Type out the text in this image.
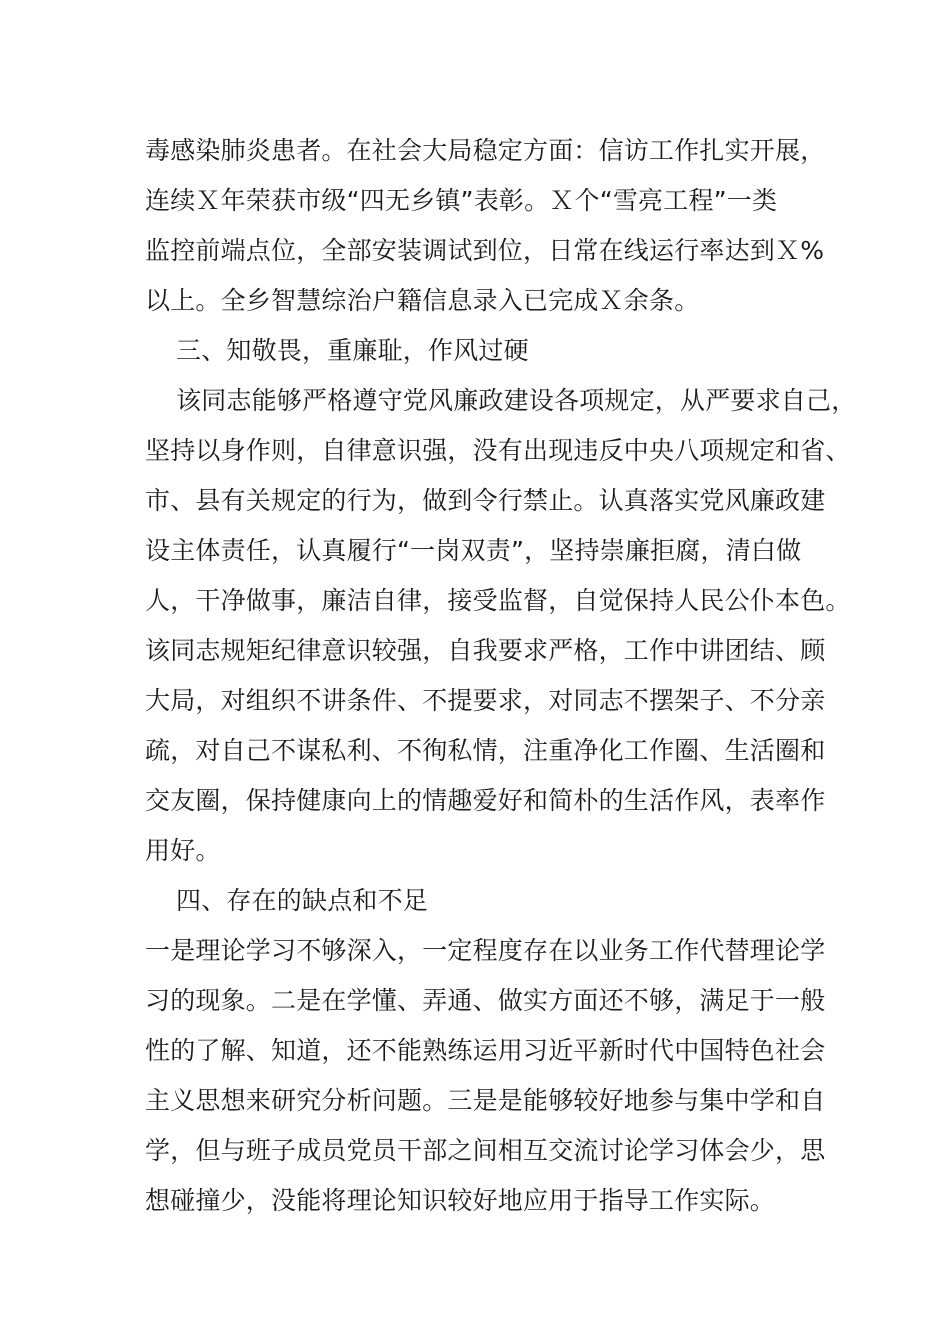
毒感染肺炎患者。在社会大局稳定方面：信访工作扎实开展，
连续Ｘ年荣获市级“四无乡镇”表彰。Ｘ个“雪亮工程”一类
监控前端点位，全部安装调试到位，日常在线运行率达到Ｘ%
以上。全乡智慧综治户籍信息录入已完成Ｘ余条。
三、知敬畏，重廉耻，作风过硬
该同志能够严格遵守党风廉政建设各项规定，从严要求自己，
坚持以身作则，自律意识强，没有出现违反中央八项规定和省、
市、县有关规定的行为，做到令行禁止。认真落实党风廉政建
设主体责任，认真履行“一岗双责”，坚持崇廉拒腐，清白做
人，干净做事，廉洁自律，接受监督，自觉保持人民公仆本色。
该同志规矩纪律意识较强，自我要求严格，工作中讲团结、顾
大局，对组织不讲条件、不提要求，对同志不摆架子、不分亲
疏，对自己不谋私利、不徇私情，注重净化工作圈、生活圈和
交友圈，保持健康向上的情趣爱好和简朴的生活作风，表率作
用好。
四、存在的缺点和不足
一是理论学习不够深入，一定程度存在以业务工作代替理论学
习的现象。二是在学懂、弄通、做实方面还不够，满足于一般
性的了解、知道，还不能熟练运用习近平新时代中国特色社会
主义思想来研究分析问题。三是是能够较好地参与集中学和自
学，但与班子成员党员干部之间相互交流讨论学习体会少，思
想碰撞少，没能将理论知识较好地应用于指导工作实际。
